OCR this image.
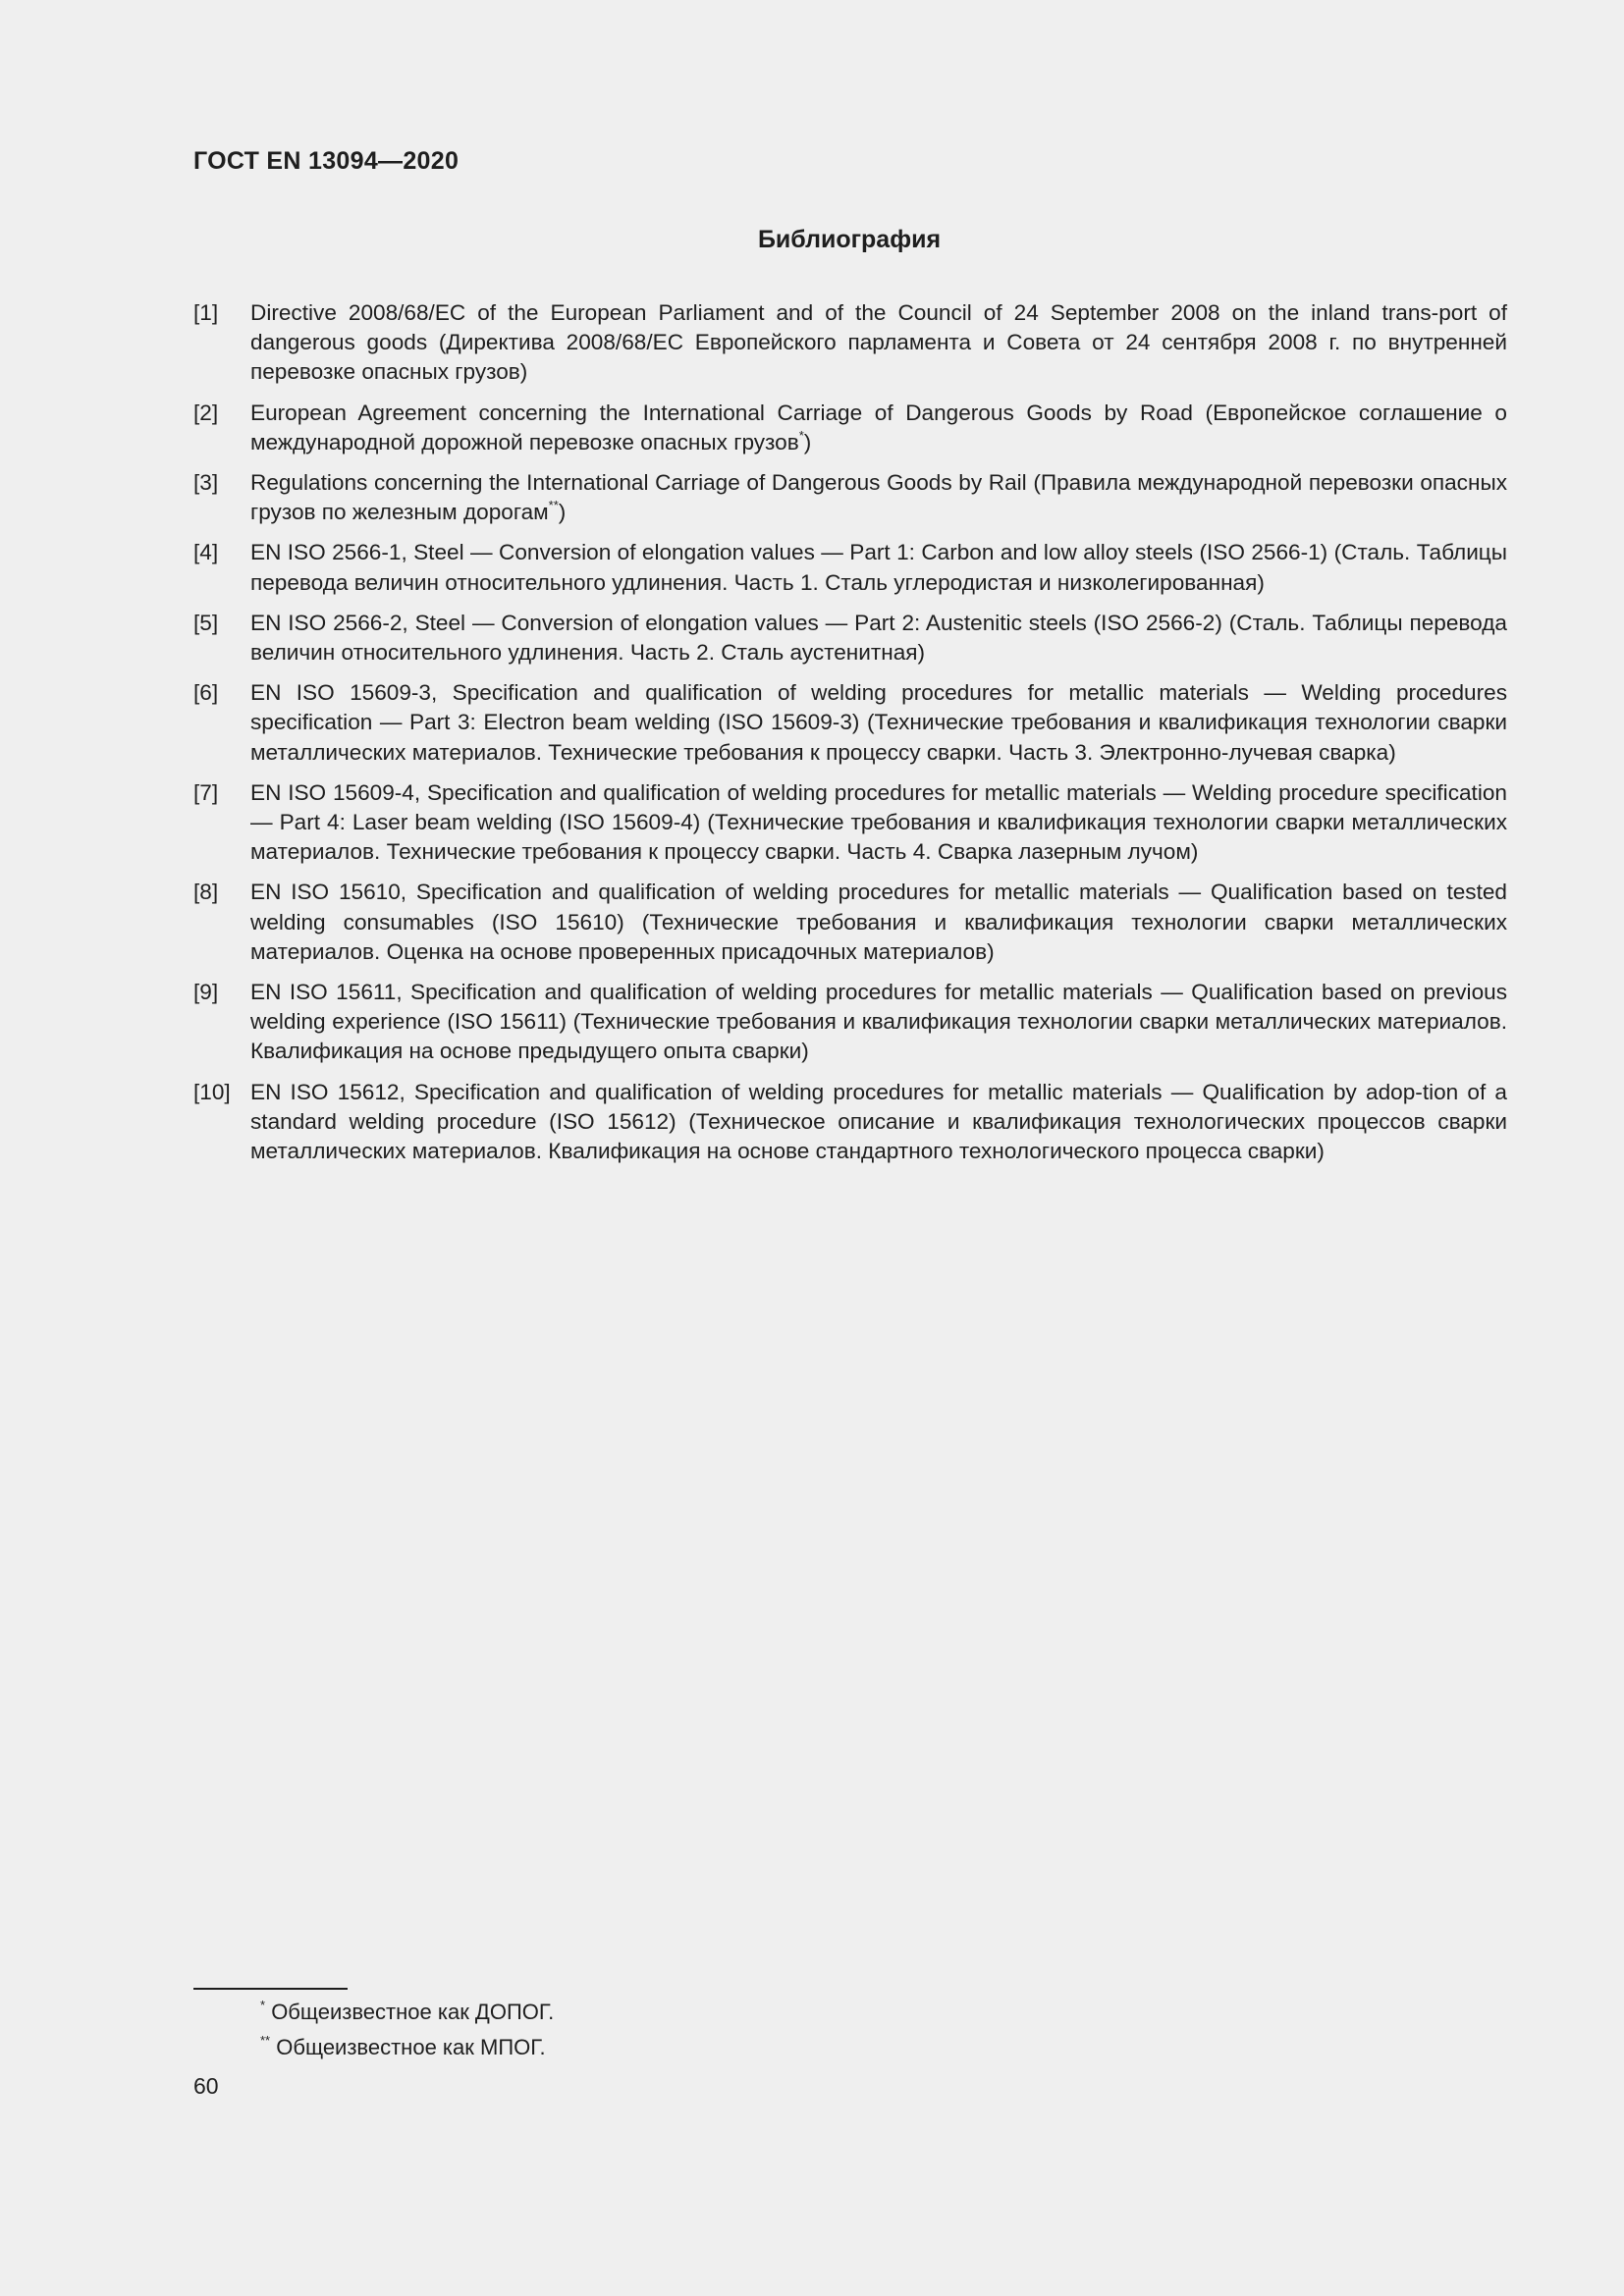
ГОСТ EN 13094—2020
Библиография
[1]	Directive 2008/68/EC of the European Parliament and of the Council of 24 September 2008 on the inland trans-port of dangerous goods (Директива 2008/68/ЕС Европейского парламента и Совета от 24 сентября 2008 г. по внутренней перевозке опасных грузов)
[2]	European Agreement concerning the International Carriage of Dangerous Goods by Road (Европейское соглашение о международной дорожной перевозке опасных грузов*)
[3]	Regulations concerning the International Carriage of Dangerous Goods by Rail (Правила международной перевозки опасных грузов по железным дорогам**)
[4]	EN ISO 2566-1, Steel — Conversion of elongation values — Part 1: Carbon and low alloy steels (ISO 2566-1) (Сталь. Таблицы перевода величин относительного удлинения. Часть 1. Сталь углеродистая и низколегированная)
[5]	EN ISO 2566-2, Steel — Conversion of elongation values — Part 2: Austenitic steels (ISO 2566-2) (Сталь. Таблицы перевода величин относительного удлинения. Часть 2. Сталь аустенитная)
[6]	EN ISO 15609-3, Specification and qualification of welding procedures for metallic materials — Welding procedures specification — Part 3: Electron beam welding (ISO 15609-3) (Технические требования и квалификация технологии сварки металлических материалов. Технические требования к процессу сварки. Часть 3. Электронно-лучевая сварка)
[7]	EN ISO 15609-4, Specification and qualification of welding procedures for metallic materials — Welding procedure specification — Part 4: Laser beam welding (ISO 15609-4) (Технические требования и квалификация технологии сварки металлических материалов. Технические требования к процессу сварки. Часть 4. Сварка лазерным лучом)
[8]	EN ISO 15610, Specification and qualification of welding procedures for metallic materials — Qualification based on tested welding consumables (ISO 15610) (Технические требования и квалификация технологии сварки металлических материалов. Оценка на основе проверенных присадочных материалов)
[9]	EN ISO 15611, Specification and qualification of welding procedures for metallic materials — Qualification based on previous welding experience (ISO 15611) (Технические требования и квалификация технологии сварки металлических материалов. Квалификация на основе предыдущего опыта сварки)
[10] EN ISO 15612, Specification and qualification of welding procedures for metallic materials — Qualification by adop-tion of a standard welding procedure (ISO 15612) (Техническое описание и квалификация технологических процессов сварки металлических материалов. Квалификация на основе стандартного технологического процесса сварки)
* Общеизвестное как ДОПОГ.
** Общеизвестное как МПОГ.
60
